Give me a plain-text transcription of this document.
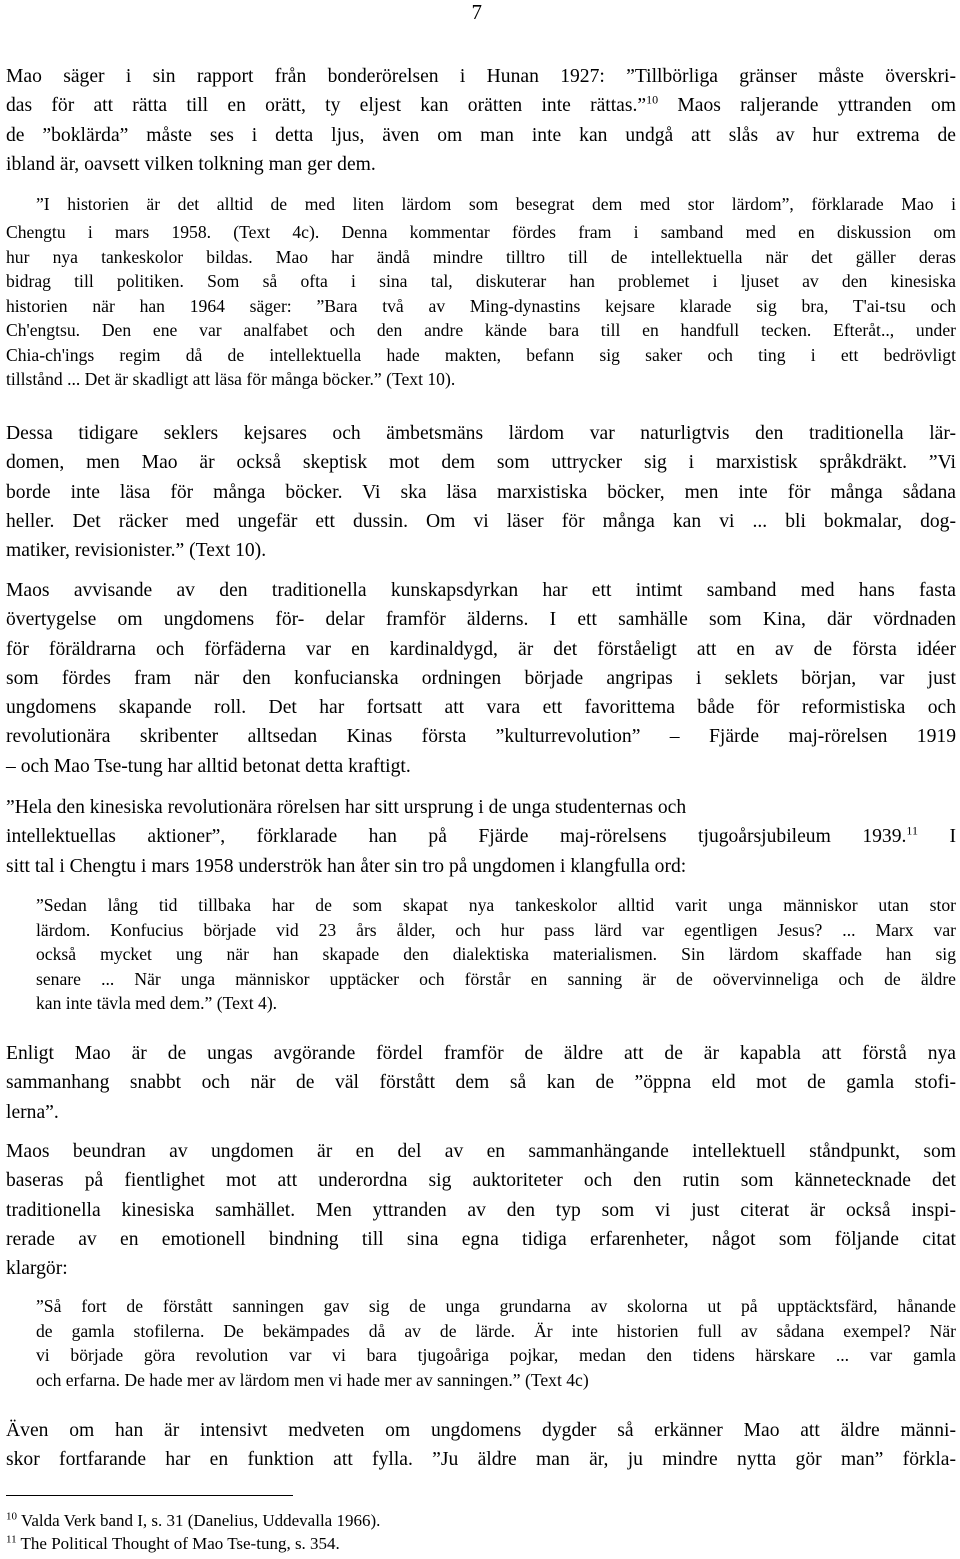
7

Mao säger i sin rapport från bonderörelsen i Hunan 1927: ”Tillbörliga gränser måste överskri-
das för att rätta till en orätt, ty eljest kan orätten inte rättas.”$^{10}$ Maos raljerande yttranden om
de ”boklärda” måste ses i detta ljus, även om man inte kan undgå att slås av hur extrema de
ibland är, oavsett vilken tolkning man ger dem.

”I historien är det alltid de med liten lärdom som besegrat dem med stor lärdom”, förklarade Mao i

Chengtu i mars 1958. (Text 4c). Denna kommentar fördes fram i samband med en diskussion om
hur nya tankeskolor bildas. Mao har ändå mindre tilltro till de intellektuella när det gäller deras
bidrag till politiken. Som så ofta i sina tal, diskuterar han problemet i ljuset av den kinesiska
historien när han 1964 säger: ”Bara två av Ming-dynastins kejsare klarade sig bra, T'ai-tsu och
Ch'engtsu. Den ene var analfabet och den andre kände bara till en handfull tecken. Efteråt.., under
Chia-ch'ings regim då de intellektuella hade makten, befann sig saker och ting i ett bedrövligt
tillstånd ... Det är skadligt att läsa för många böcker.” (Text 10).

Dessa tidigare seklers kejsares och ämbetsmäns lärdom var naturligtvis den traditionella lär-
domen, men Mao är också skeptisk mot dem som uttrycker sig i marxistisk språkdräkt. ”Vi
borde inte läsa för många böcker. Vi ska läsa marxistiska böcker, men inte för många sådana
heller. Det räcker med ungefär ett dussin. Om vi läser för många kan vi ... bli bokmalar, dog-
matiker, revisionister.” (Text 10).

Maos avvisande av den traditionella kunskapsdyrkan har ett intimt samband med hans fasta
övertygelse om ungdomens för- delar framför älderns. I ett samhälle som Kina, där vördnaden
för föräldrarna och förfäderna var en kardinaldygd, är det förståeligt att en av de första idéer
som fördes fram när den konfucianska ordningen började angripas i seklets början, var just
ungdomens skapande roll. Det har fortsatt att vara ett favorittema både för reformistiska och
revolutionära skribenter alltsedan Kinas första ”kulturrevolution” – Fjärde maj-rörelsen 1919
– och Mao Tse-tung har alltid betonat detta kraftigt.

”Hela den kinesiska revolutionära rörelsen har sitt ursprung i de unga studenternas och
intellektuellas aktioner”, förklarade han på Fjärde maj-rörelsens tjugoårsjubileum 1939.11 I
sitt tal i Chengtu i mars 1958 underströk han åter sin tro på ungdomen i klangfulla ord:

”Sedan lång tid tillbaka har de som skapat nya tankeskolor alltid varit unga människor utan stor
lärdom. Konfucius började vid 23 års ålder, och hur pass lärd var egentligen Jesus? ... Marx var
också mycket ung när han skapade den dialektiska materialismen. Sin lärdom skaffade han sig
senare ... När unga människor upptäcker och förstår en sanning är de oövervinneliga och de äldre
kan inte tävla med dem.” (Text 4).

Enligt Mao är de ungas avgörande fördel framför de äldre att de är kapabla att förstå nya
sammanhang snabbt och när de väl förstått dem så kan de ”öppna eld mot de gamla stofi-
lerna”.

Maos beundran av ungdomen är en del av en sammanhängande intellektuell ståndpunkt, som
baseras på fientlighet mot att underordna sig auktoriteter och den rutin som kännetecknade det
traditionella kinesiska samhället. Men yttranden av den typ som vi just citerat är också inspi-
rerade av en emotionell bindning till sina egna tidiga erfarenheter, något som följande citat
klargör:

”Så fort de förstått sanningen gav sig de unga grundarna av skolorna ut på upptäcktsfärd, hånande
de gamla stofilerna. De bekämpades då av de lärde. Är inte historien full av sådana exempel? När
vi började göra revolution var vi bara tjugoåriga pojkar, medan den tidens härskare ... var gamla
och erfarna. De hade mer av lärdom men vi hade mer av sanningen.” (Text 4c)

Även om han är intensivt medveten om ungdomens dygder så erkänner Mao att äldre männi-
skor fortfarande har en funktion att fylla. ”Ju äldre man är, ju mindre nytta gör man” förkla-

$^{10}$ Valda Verk band I, s. 31 (Danelius, Uddevalla 1966).
$^{11}$ The Political Thought of Mao Tse-tung, s. 354.
